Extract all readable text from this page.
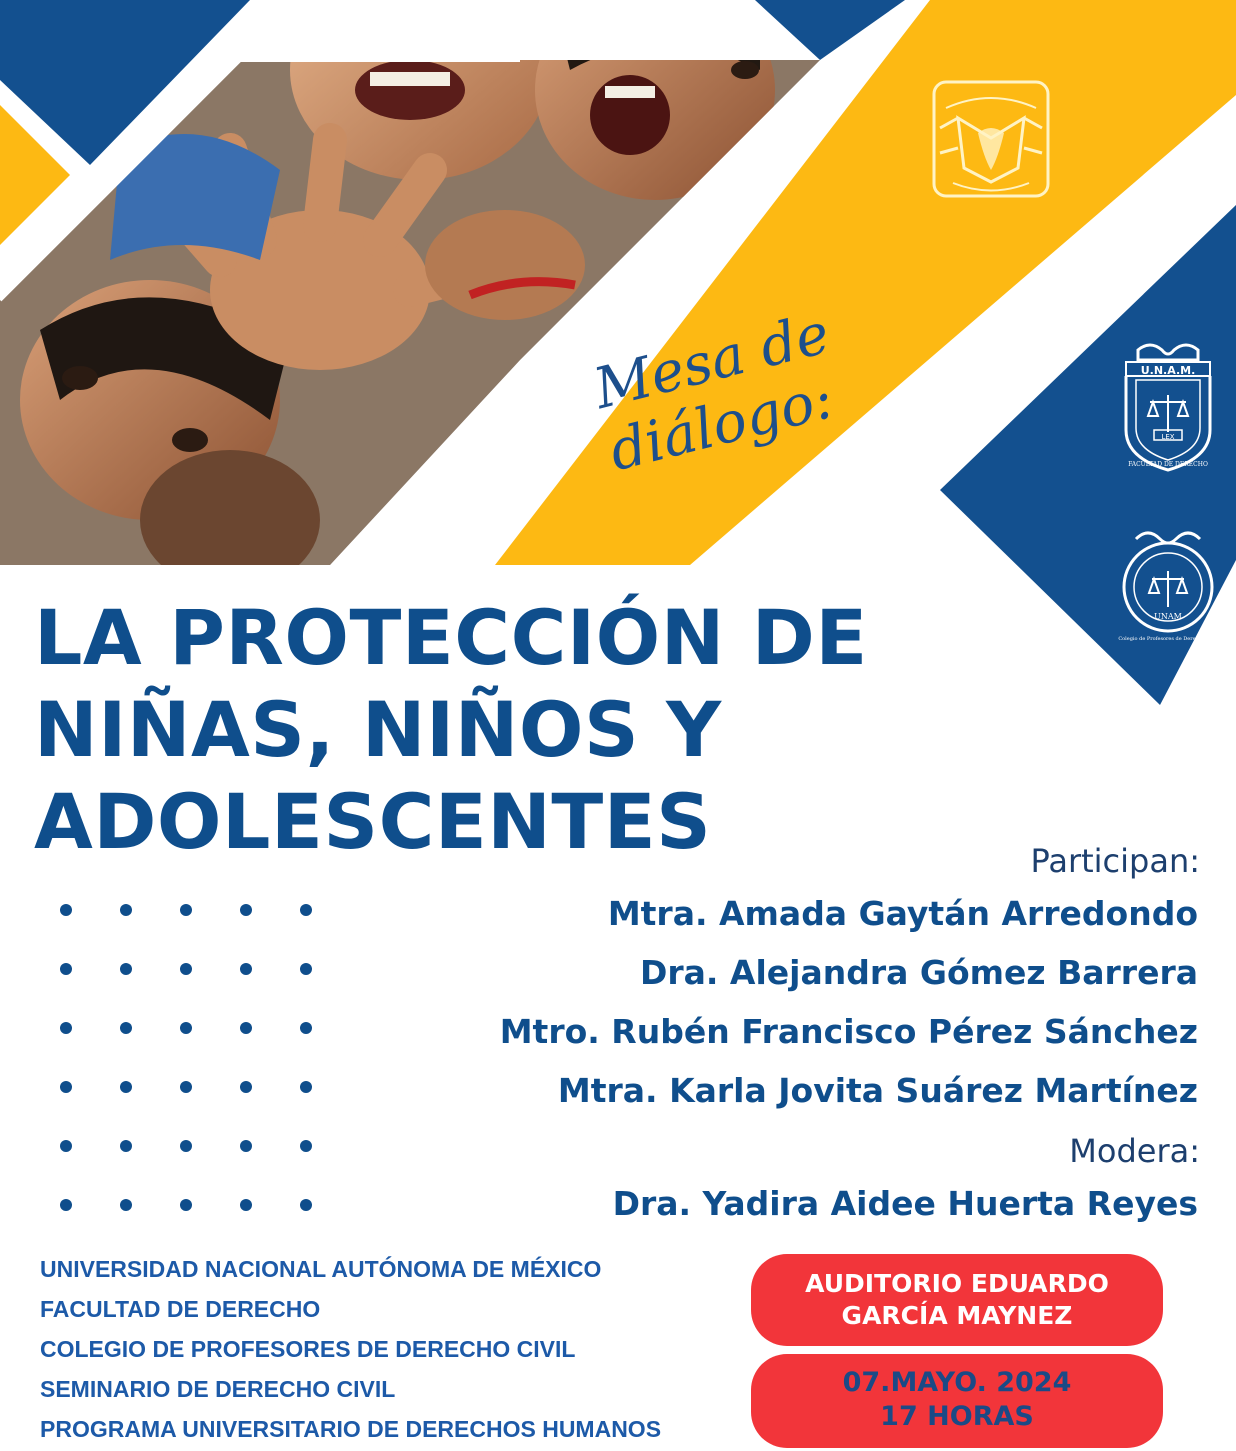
U.N.A.M.
LEX
FACULTAD DE DERECHO
UNAM
Colegio de Profesores de Derecho Civil
Mesa de diálogo:
LA PROTECCIÓN DE
NIÑAS, NIÑOS Y
ADOLESCENTES	Participan:
Mtra. Amada Gaytán Arredondo
Dra. Alejandra Gómez Barrera
Mtro. Rubén Francisco Pérez Sánchez
Mtra. Karla Jovita Suárez Martínez
Modera:
Dra. Yadira Aidee Huerta Reyes
UNIVERSIDAD NACIONAL AUTÓNOMA DE MÉXICO
FACULTAD DE DERECHO
COLEGIO DE PROFESORES DE DERECHO CIVIL
SEMINARIO DE DERECHO CIVIL
PROGRAMA UNIVERSITARIO DE DERECHOS HUMANOS
AUDITORIO EDUARDO
GARCÍA MAYNEZ
07.MAYO. 2024
17 HORAS
